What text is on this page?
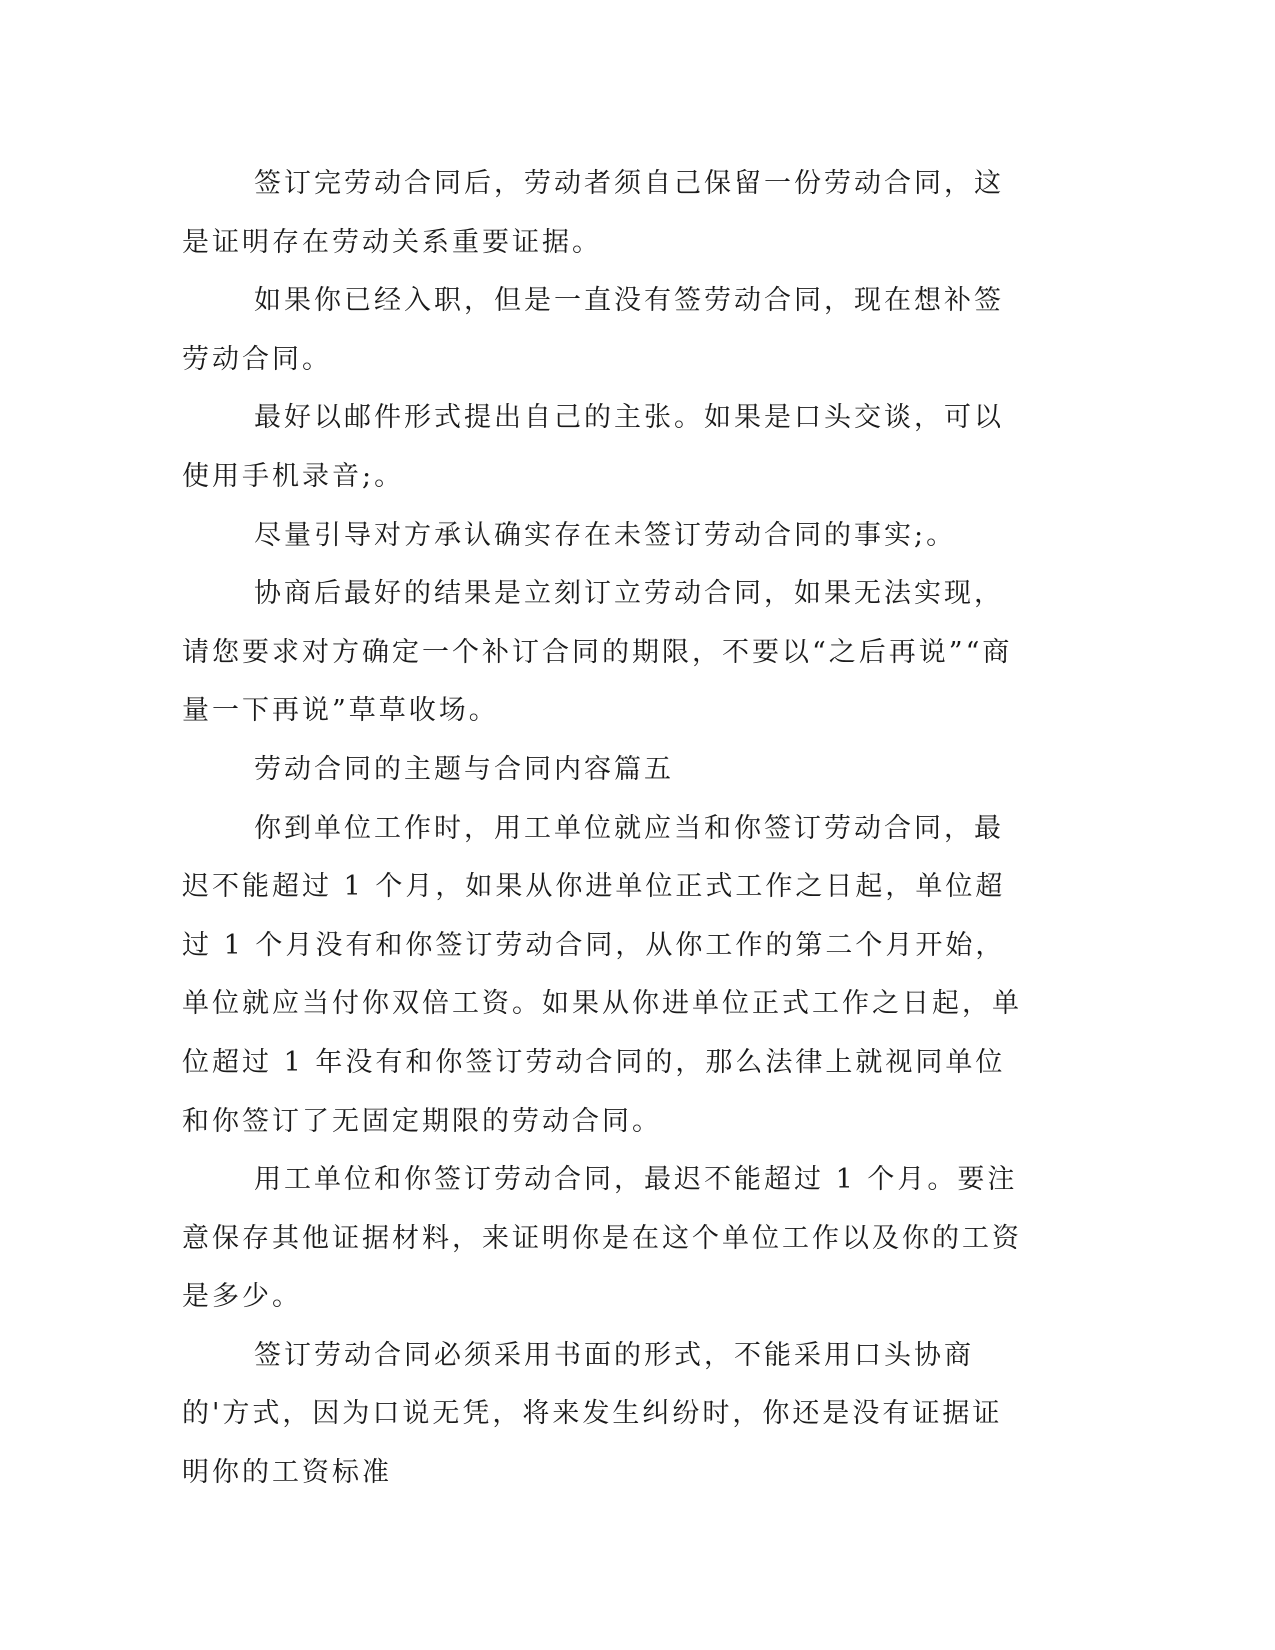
签订完劳动合同后，劳动者须自己保留一份劳动合同，这是证明存在劳动关系重要证据。

如果你已经入职，但是一直没有签劳动合同，现在想补签劳动合同。

最好以邮件形式提出自己的主张。如果是口头交谈，可以使用手机录音;。

尽量引导对方承认确实存在未签订劳动合同的事实;。

协商后最好的结果是立刻订立劳动合同，如果无法实现，请您要求对方确定一个补订合同的期限，不要以“之后再说”“商量一下再说”草草收场。

劳动合同的主题与合同内容篇五

你到单位工作时，用工单位就应当和你签订劳动合同，最迟不能超过 1 个月，如果从你进单位正式工作之日起，单位超过 1 个月没有和你签订劳动合同，从你工作的第二个月开始，单位就应当付你双倍工资。如果从你进单位正式工作之日起，单位超过 1 年没有和你签订劳动合同的，那么法律上就视同单位和你签订了无固定期限的劳动合同。

用工单位和你签订劳动合同，最迟不能超过 1 个月。要注意保存其他证据材料，来证明你是在这个单位工作以及你的工资是多少。

签订劳动合同必须采用书面的形式，不能采用口头协商的'方式，因为口说无凭，将来发生纠纷时，你还是没有证据证明你的工资标准
